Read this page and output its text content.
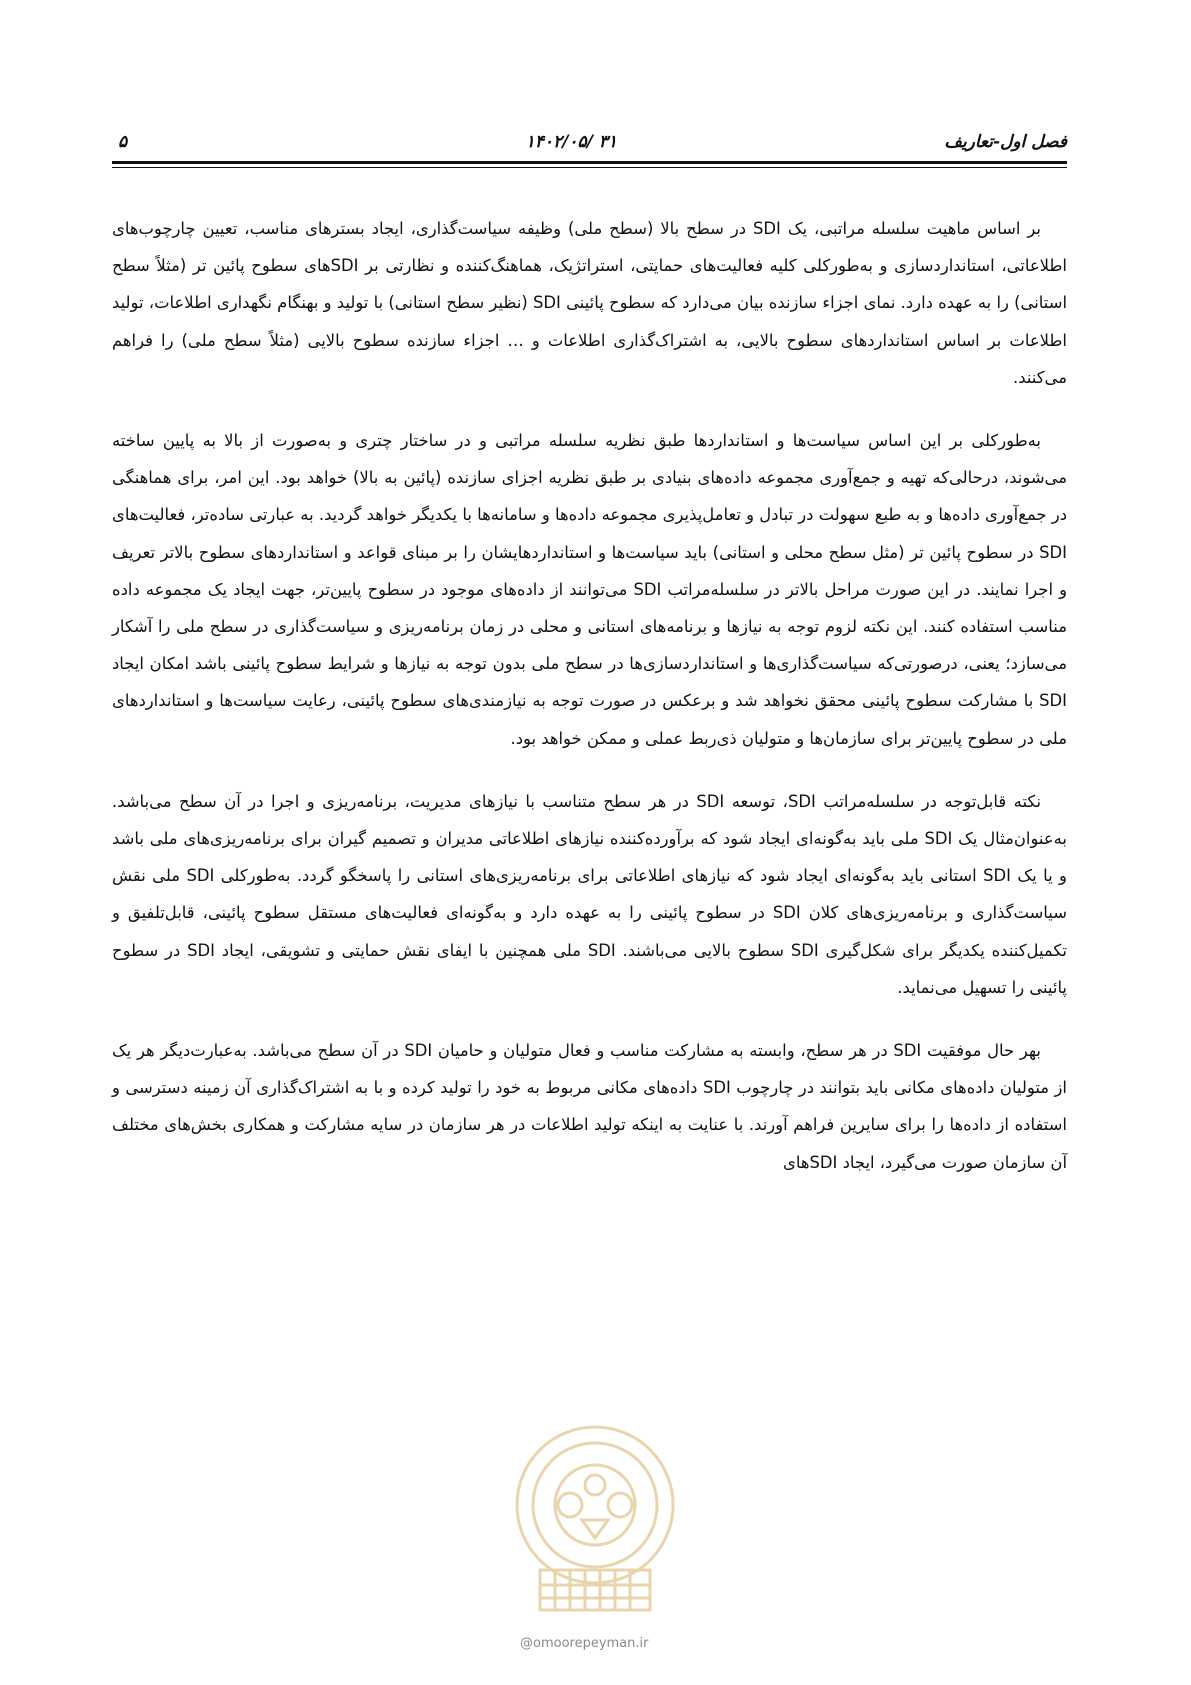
فصل اول-تعاریف
۱۴۰۲/۰۵/ ۳۱
۵

بر اساس ماهیت سلسله مراتبی، یک SDI در سطح بالا (سطح ملی) وظیفه سیاست‌گذاری، ایجاد بسترهای مناسب، تعیین چارچوب‌های اطلاعاتی، استانداردسازی و به‌طورکلی کلیه فعالیت‌های حمایتی، استراتژیک، هماهنگ‌کننده و نظارتی بر SDIهای سطوح پائین تر (مثلاً سطح استانی) را به عهده دارد. نمای اجزاء سازنده بیان می‌دارد که سطوح پائینی SDI (نظیر سطح استانی) با تولید و بهنگام نگهداری اطلاعات، تولید اطلاعات بر اساس استانداردهای سطوح بالایی، به اشتراک‌گذاری اطلاعات و … اجزاء سازنده سطوح بالایی (مثلاً سطح ملی) را فراهم می‌کنند.

به‌طورکلی بر این اساس سیاست‌ها و استانداردها طبق نظریه سلسله مراتبی و در ساختار چتری و به‌صورت از بالا به پایین ساخته می‌شوند، درحالی‌که تهیه و جمع‌آوری مجموعه داده‌های بنیادی بر طبق نظریه اجزای سازنده (پائین به بالا) خواهد بود. این امر، برای هماهنگی در جمع‌آوری داده‌ها و به طبع سهولت در تبادل و تعامل‌پذیری مجموعه داده‌ها و سامانه‌ها با یکدیگر خواهد گردید. به عبارتی ساده‌تر، فعالیت‌های SDI در سطوح پائین تر (مثل سطح محلی و استانی) باید سیاست‌ها و استانداردهایشان را بر مبنای قواعد و استانداردهای سطوح بالاتر تعریف و اجرا نمایند. در این صورت مراحل بالاتر در سلسله‌مراتب SDI می‌توانند از داده‌های موجود در سطوح پایین‌تر، جهت ایجاد یک مجموعه داده مناسب استفاده کنند. این نکته لزوم توجه به نیازها و برنامه‌های استانی و محلی در زمان برنامه‌ریزی و سیاست‌گذاری در سطح ملی را آشکار می‌سازد؛ یعنی، درصورتی‌که سیاست‌گذاری‌ها و استانداردسازی‌ها در سطح ملی بدون توجه به نیازها و شرایط سطوح پائینی باشد امکان ایجاد SDI با مشارکت سطوح پائینی محقق نخواهد شد و برعکس در صورت توجه به نیازمندی‌های سطوح پائینی، رعایت سیاست‌ها و استانداردهای ملی در سطوح پایین‌تر برای سازمان‌ها و متولیان ذی‌ربط عملی و ممکن خواهد بود.

نکته قابل‌توجه در سلسله‌مراتب SDI، توسعه SDI در هر سطح متناسب با نیازهای مدیریت، برنامه‌ریزی و اجرا در آن سطح می‌باشد. به‌عنوان‌مثال یک SDI ملی باید به‌گونه‌ای ایجاد شود که برآورده‌کننده نیازهای اطلاعاتی مدیران و تصمیم گیران برای برنامه‌ریزی‌های ملی باشد و یا یک SDI استانی باید به‌گونه‌ای ایجاد شود که نیازهای اطلاعاتی برای برنامه‌ریزی‌های استانی را پاسخگو گردد. به‌طورکلی SDI ملی نقش سیاست‌گذاری و برنامه‌ریزی‌های کلان SDI در سطوح پائینی را به عهده دارد و به‌گونه‌ای فعالیت‌های مستقل سطوح پائینی، قابل‌تلفیق و تکمیل‌کننده یکدیگر برای شکل‌گیری SDI سطوح بالایی می‌باشند. SDI ملی همچنین با ایفای نقش حمایتی و تشویقی، ایجاد SDI در سطوح پائینی را تسهیل می‌نماید.

بهر حال موفقیت SDI در هر سطح، وابسته به مشارکت مناسب و فعال متولیان و حامیان SDI در آن سطح می‌باشد. به‌عبارت‌دیگر هر یک از متولیان داده‌های مکانی باید بتوانند در چارچوب SDI داده‌های مکانی مربوط به خود را تولید کرده و با به اشتراک‌گذاری آن زمینه دسترسی و استفاده از داده‌ها را برای سایرین فراهم آورند. با عنایت به اینکه تولید اطلاعات در هر سازمان در سایه مشارکت و همکاری بخش‌های مختلف آن سازمان صورت می‌گیرد، ایجاد SDIهای

@omoorepeyman.ir
